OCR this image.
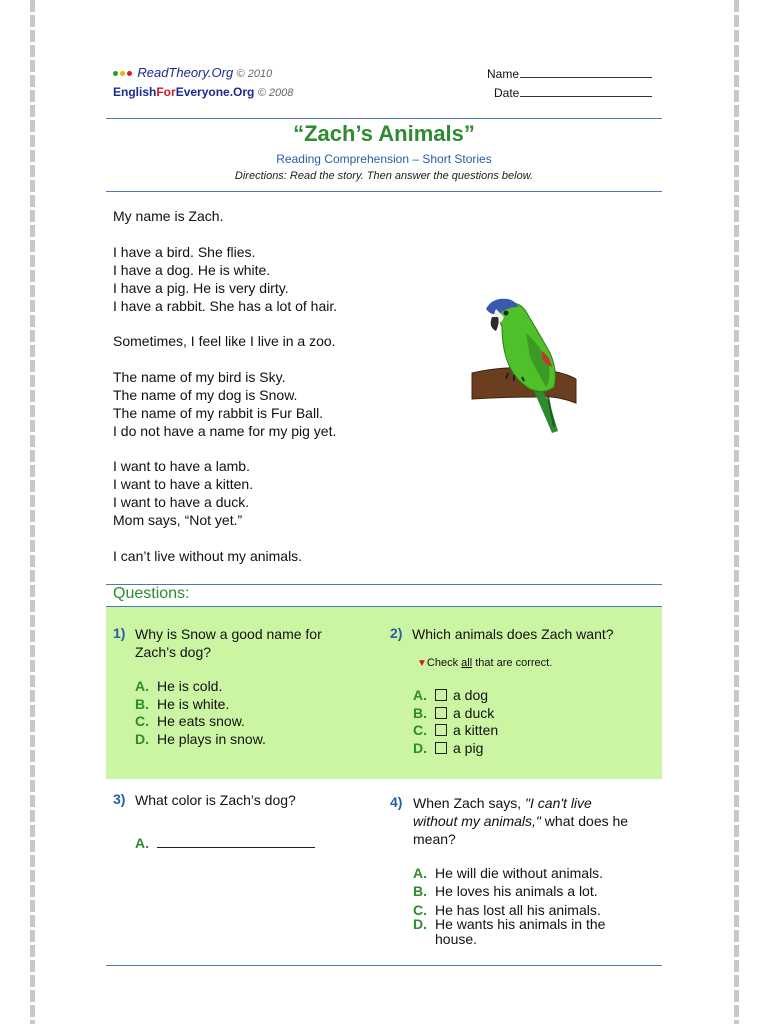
ReadTheory.Org © 2010
EnglishForEveryone.Org © 2008
Name
Date
“Zach’s Animals”
Reading Comprehension – Short Stories
Directions: Read the story. Then answer the questions below.
My name is Zach.
I have a bird. She flies.
I have a dog. He is white.
I have a pig. He is very dirty.
I have a rabbit. She has a lot of hair.
Sometimes, I feel like I live in a zoo.
The name of my bird is Sky.
The name of my dog is Snow.
The name of my rabbit is Fur Ball.
I do not have a name for my pig yet.
I want to have a lamb.
I want to have a kitten.
I want to have a duck.
Mom says, “Not yet.”
I can’t live without my animals.
Questions:
1) Why is Snow a good name for
Zach’s dog?
A. He is cold.
B. He is white.
C. He eats snow.
D. He plays in snow.
2) Which animals does Zach want?
▼Check all that are correct.
A. a dog
B. a duck
C. a kitten
D. a pig
3) What color is Zach’s dog?
A.
4) When Zach says, "I can't live
without my animals," what does he
mean?
A. He will die without animals.
B. He loves his animals a lot.
C. He has lost all his animals.
D. He wants his animals in the
house.
